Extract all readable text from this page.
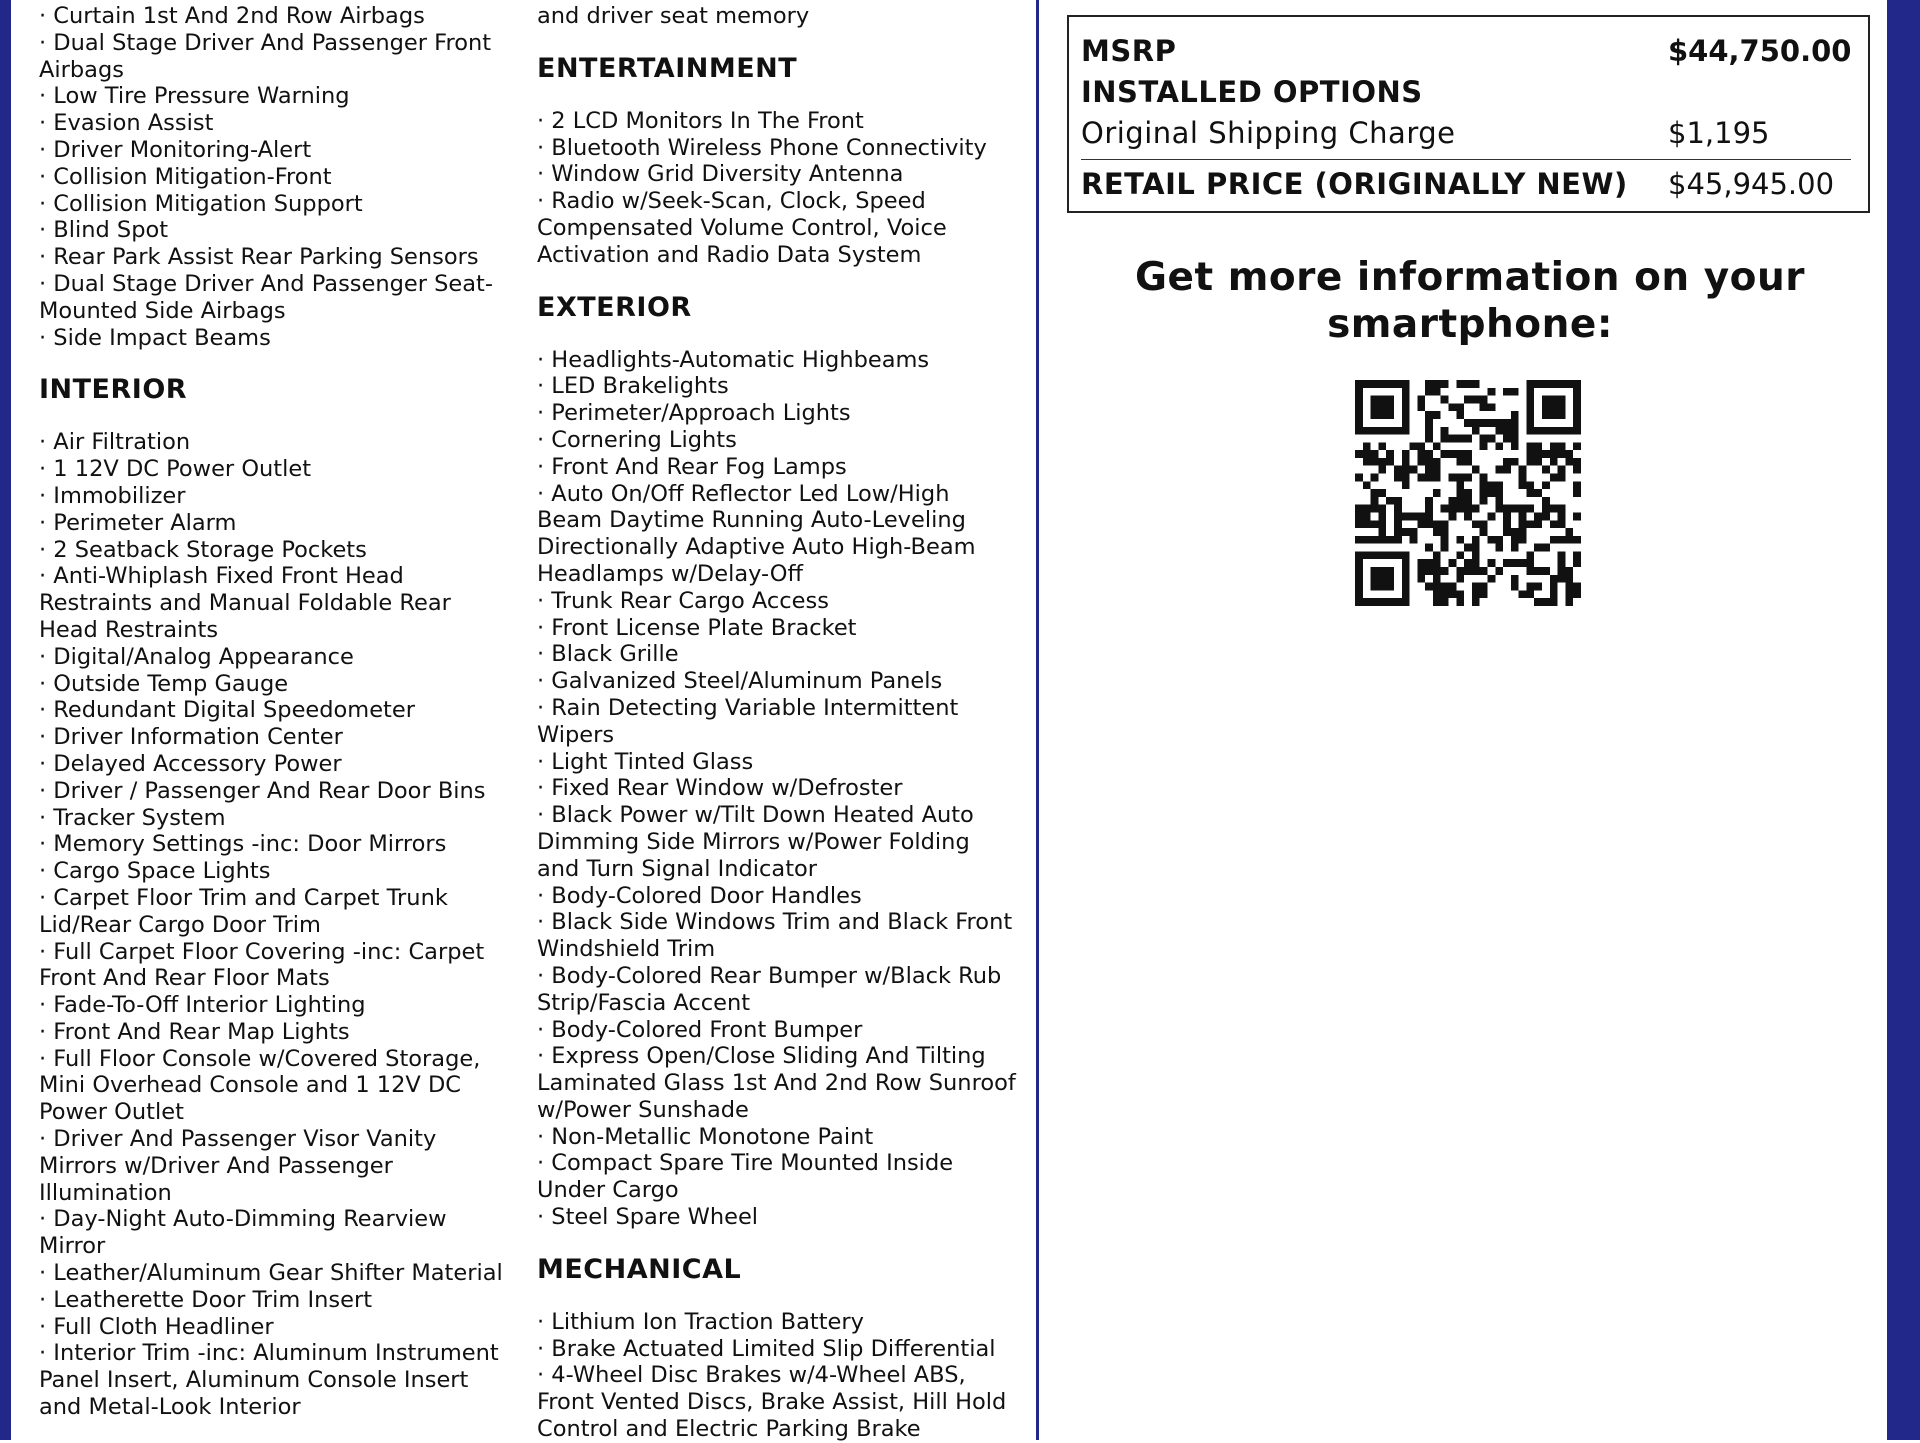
· Curtain 1st And 2nd Row Airbags
· Dual Stage Driver And Passenger Front Airbags
· Low Tire Pressure Warning
· Evasion Assist
· Driver Monitoring-Alert
· Collision Mitigation-Front
· Collision Mitigation Support
· Blind Spot
· Rear Park Assist Rear Parking Sensors
· Dual Stage Driver And Passenger Seat-Mounted Side Airbags
· Side Impact Beams
INTERIOR
· Air Filtration
· 1 12V DC Power Outlet
· Immobilizer
· Perimeter Alarm
· 2 Seatback Storage Pockets
· Anti-Whiplash Fixed Front Head Restraints and Manual Foldable Rear Head Restraints
· Digital/Analog Appearance
· Outside Temp Gauge
· Redundant Digital Speedometer
· Driver Information Center
· Delayed Accessory Power
· Driver / Passenger And Rear Door Bins
· Tracker System
· Memory Settings -inc: Door Mirrors
· Cargo Space Lights
· Carpet Floor Trim and Carpet Trunk Lid/Rear Cargo Door Trim
· Full Carpet Floor Covering -inc: Carpet Front And Rear Floor Mats
· Fade-To-Off Interior Lighting
· Front And Rear Map Lights
· Full Floor Console w/Covered Storage, Mini Overhead Console and 1 12V DC Power Outlet
· Driver And Passenger Visor Vanity Mirrors w/Driver And Passenger Illumination
· Day-Night Auto-Dimming Rearview Mirror
· Leather/Aluminum Gear Shifter Material
· Leatherette Door Trim Insert
· Full Cloth Headliner
· Interior Trim -inc: Aluminum Instrument Panel Insert, Aluminum Console Insert and Metal-Look Interior
and driver seat memory
ENTERTAINMENT
· 2 LCD Monitors In The Front
· Bluetooth Wireless Phone Connectivity
· Window Grid Diversity Antenna
· Radio w/Seek-Scan, Clock, Speed Compensated Volume Control, Voice Activation and Radio Data System
EXTERIOR
· Headlights-Automatic Highbeams
· LED Brakelights
· Perimeter/Approach Lights
· Cornering Lights
· Front And Rear Fog Lamps
· Auto On/Off Reflector Led Low/High Beam Daytime Running Auto-Leveling Directionally Adaptive Auto High-Beam Headlamps w/Delay-Off
· Trunk Rear Cargo Access
· Front License Plate Bracket
· Black Grille
· Galvanized Steel/Aluminum Panels
· Rain Detecting Variable Intermittent Wipers
· Light Tinted Glass
· Fixed Rear Window w/Defroster
· Black Power w/Tilt Down Heated Auto Dimming Side Mirrors w/Power Folding and Turn Signal Indicator
· Body-Colored Door Handles
· Black Side Windows Trim and Black Front Windshield Trim
· Body-Colored Rear Bumper w/Black Rub Strip/Fascia Accent
· Body-Colored Front Bumper
· Express Open/Close Sliding And Tilting Laminated Glass 1st And 2nd Row Sunroof w/Power Sunshade
· Non-Metallic Monotone Paint
· Compact Spare Tire Mounted Inside Under Cargo
· Steel Spare Wheel
MECHANICAL
· Lithium Ion Traction Battery
· Brake Actuated Limited Slip Differential
· 4-Wheel Disc Brakes w/4-Wheel ABS, Front Vented Discs, Brake Assist, Hill Hold Control and Electric Parking Brake
MSRP	$44,750.00
INSTALLED OPTIONS
Original Shipping Charge	$1,195
RETAIL PRICE (ORIGINALLY NEW) $45,945.00
Get more information on your
smartphone:
